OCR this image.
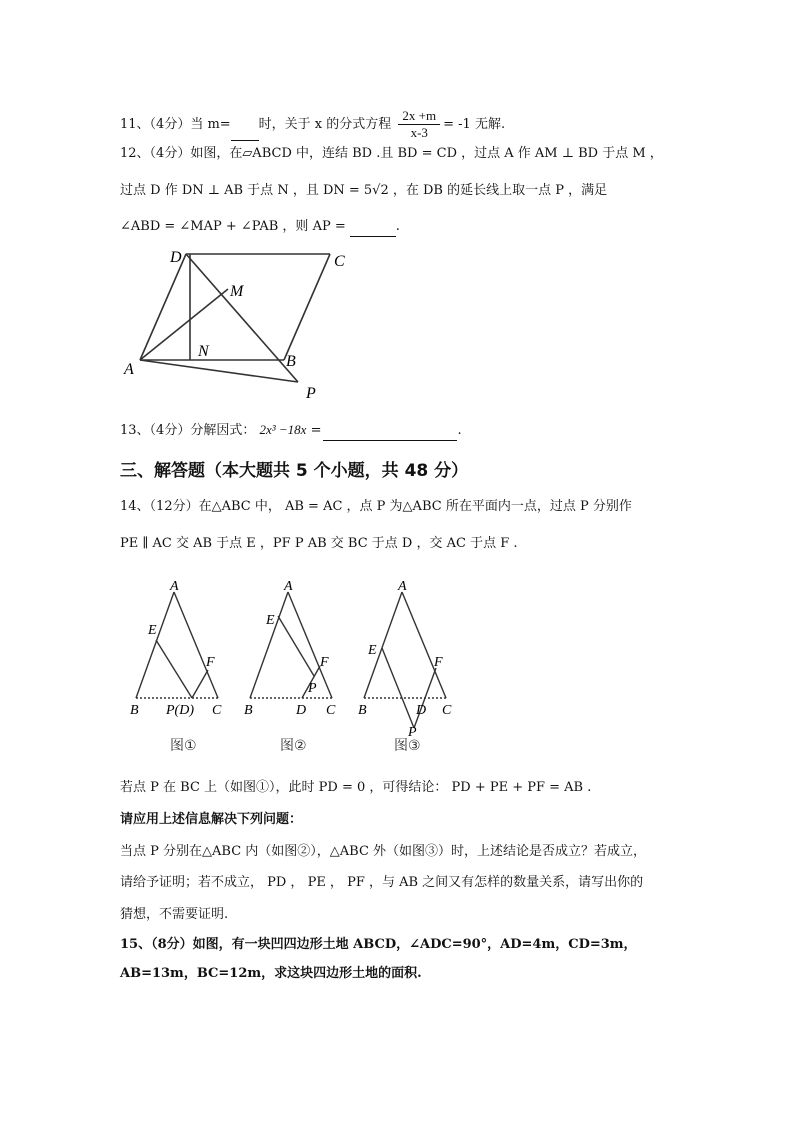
11、（4分）当 m= 时，关于 x 的分式方程 $\frac{2x +m}{x-3} = -1$ 无解.
12、（4分）如图，在▱ABCD 中，连结 BD .且 BD = CD ，过点 A 作 AM ⊥ BD 于点 M ，
过点 D 作 DN ⊥ AB 于点 N ，且 DN = 5√2 ，在 DB 的延长线上取一点 P ，满足
∠ABD = ∠MAP + ∠PAB ，则 AP =	.
D	C
M
N
A	B
P
13、（4分）分解因式： 2x³ −18x =	.
三、解答题（本大题共 5 个小题，共 48 分）
14、（12分）在△ABC 中， AB = AC ，点 P 为△ABC 所在平面内一点，过点 P 分别作
PE ∥ AC 交 AB 于点 E ，PF P AB 交 BC 于点 D ，交 AC 于点 F .
A
E
F
B P(D) C
图①
A
E
F
P
B	D C
图②
A
E
F
B	D C
P
图③
若点 P 在 BC 上（如图①），此时 PD = 0 ，可得结论： PD + PE + PF = AB .
请应用上述信息解决下列问题：
当点 P 分别在△ABC 内（如图②），△ABC 外（如图③）时，上述结论是否成立？若成立，
请给予证明；若不成立， PD ， PE ， PF ，与 AB 之间又有怎样的数量关系，请写出你的
猜想，不需要证明.
15、（8分）如图，有一块凹四边形土地 ABCD，∠ADC=90°，AD=4m，CD=3m，
AB=13m，BC=12m，求这块四边形土地的面积.
